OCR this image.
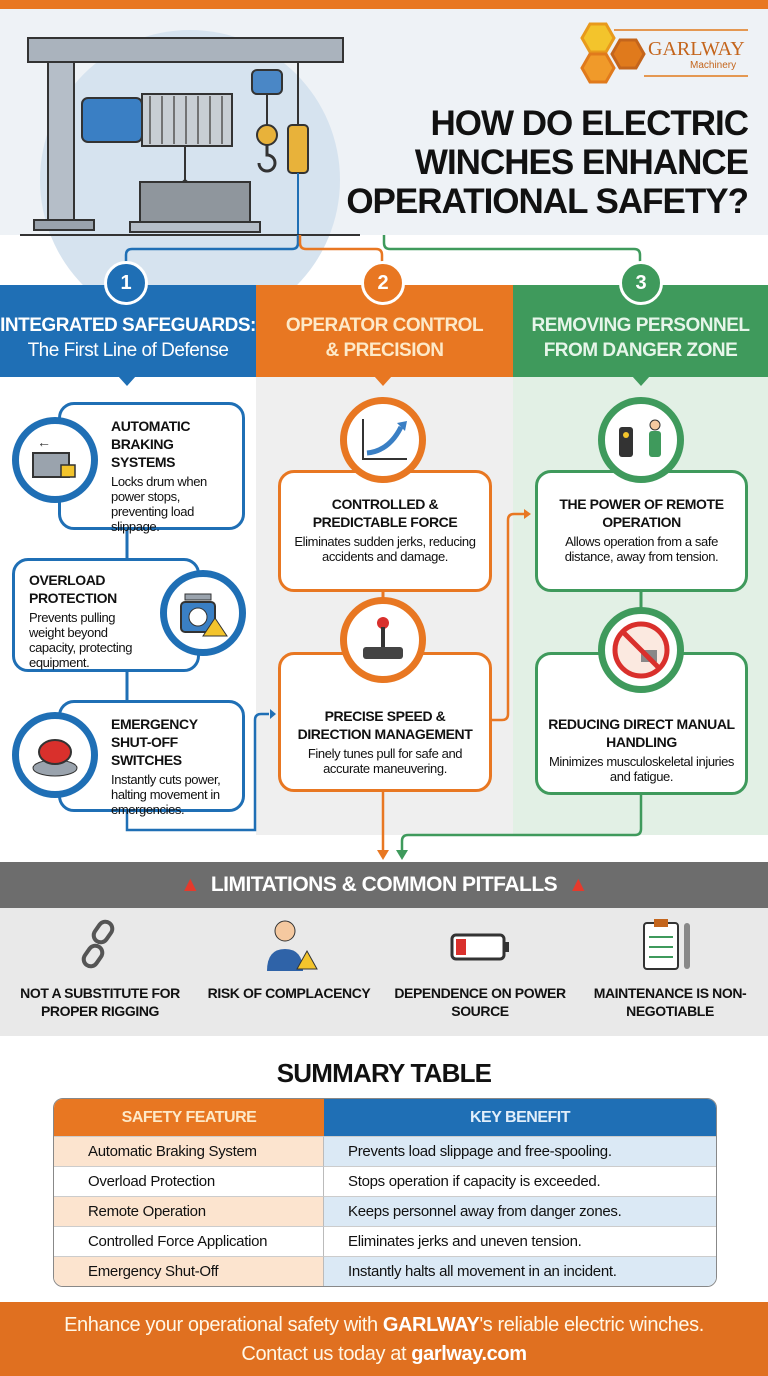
GARLWAY
Machinery
HOW DO ELECTRIC
WINCHES ENHANCE
OPERATIONAL SAFETY?
INTEGRATED SAFEGUARDS:
The First Line of Defense
OPERATOR CONTROL
& PRECISION
REMOVING PERSONNEL
FROM DANGER ZONE
1	2	3
AUTOMATIC BRAKING SYSTEMS
Locks drum when power stops, preventing load slippage.
←
OVERLOAD PROTECTION
Prevents pulling weight beyond capacity, protecting equipment.
EMERGENCY SHUT-OFF SWITCHES
Instantly cuts power, halting movement in emergencies.
CONTROLLED & PREDICTABLE FORCE
Eliminates sudden jerks, reducing accidents and damage.
PRECISE SPEED & DIRECTION MANAGEMENT
Finely tunes pull for safe and accurate maneuvering.
THE POWER OF REMOTE OPERATION
Allows operation from a safe distance, away from tension.
REDUCING DIRECT MANUAL HANDLING
Minimizes musculoskeletal injuries and fatigue.
▲ LIMITATIONS & COMMON PITFALLS ▲
NOT A SUBSTITUTE FOR PROPER RIGGING
RISK OF COMPLACENCY	DEPENDENCE ON POWER SOURCE
MAINTENANCE IS NON-NEGOTIABLE
SUMMARY TABLE
SAFETY FEATURE	KEY BENEFIT
Automatic Braking System	Prevents load slippage and free-spooling.
Overload Protection	Stops operation if capacity is exceeded.
Remote Operation	Keeps personnel away from danger zones.
Controlled Force Application	Eliminates jerks and uneven tension.
Emergency Shut-Off	Instantly halts all movement in an incident.
Enhance your operational safety with GARLWAY's reliable electric winches.
Contact us today at garlway.com
